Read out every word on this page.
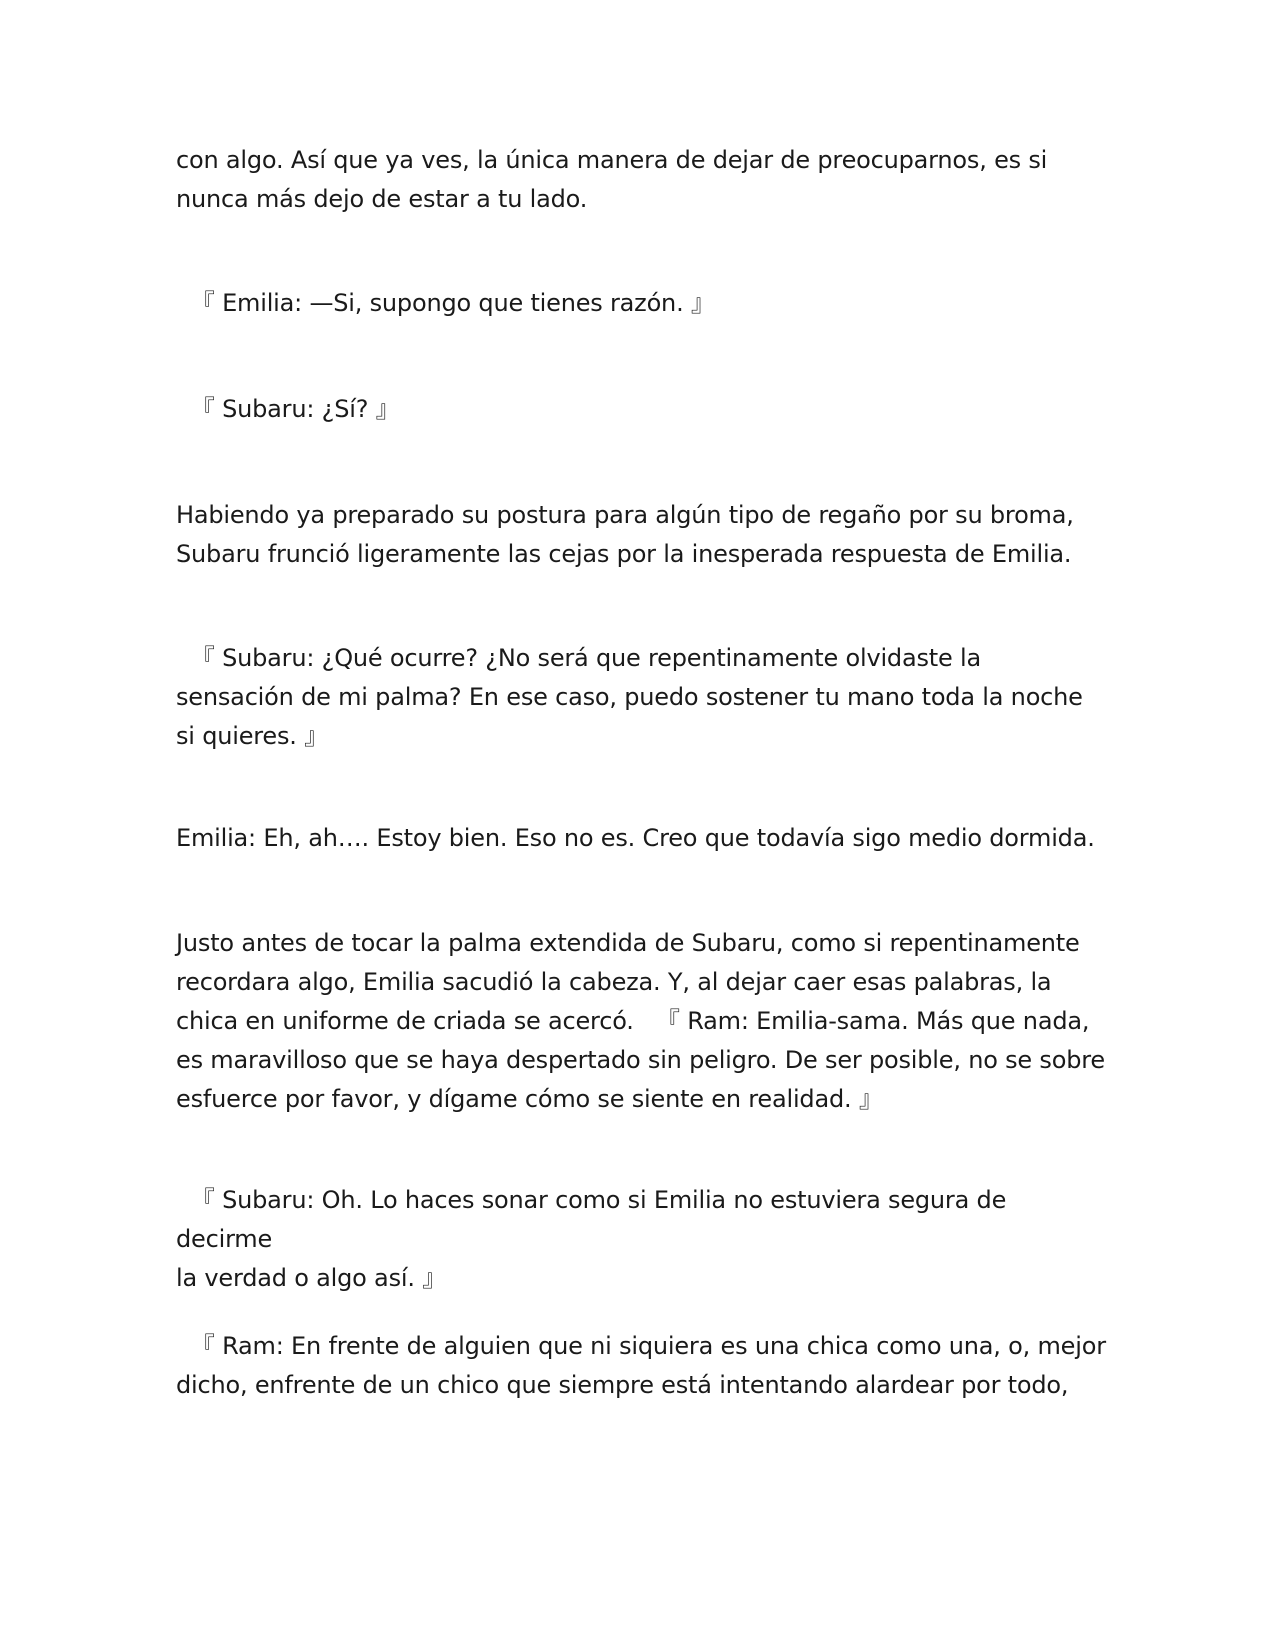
con algo. Así que ya ves, la única manera de dejar de preocuparnos, es si
nunca más dejo de estar a tu lado.

『 Emilia: —Si, supongo que tienes razón. 』

『 Subaru: ¿Sí? 』

Habiendo ya preparado su postura para algún tipo de regaño por su broma,
Subaru frunció ligeramente las cejas por la inesperada respuesta de Emilia.

『 Subaru: ¿Qué ocurre? ¿No será que repentinamente olvidaste la
sensación de mi palma? En ese caso, puedo sostener tu mano toda la noche
si quieres. 』

Emilia: Eh, ah…. Estoy bien. Eso no es. Creo que todavía sigo medio dormida.

Justo antes de tocar la palma extendida de Subaru, como si repentinamente
recordara algo, Emilia sacudió la cabeza. Y, al dejar caer esas palabras, la
chica en uniforme de criada se acercó.   『 Ram: Emilia-sama. Más que nada,
es maravilloso que se haya despertado sin peligro. De ser posible, no se sobre
esfuerce por favor, y dígame cómo se siente en realidad. 』

『 Subaru: Oh. Lo haces sonar como si Emilia no estuviera segura de decirme
la verdad o algo así. 』

『 Ram: En frente de alguien que ni siquiera es una chica como una, o, mejor
dicho, enfrente de un chico que siempre está intentando alardear por todo,
